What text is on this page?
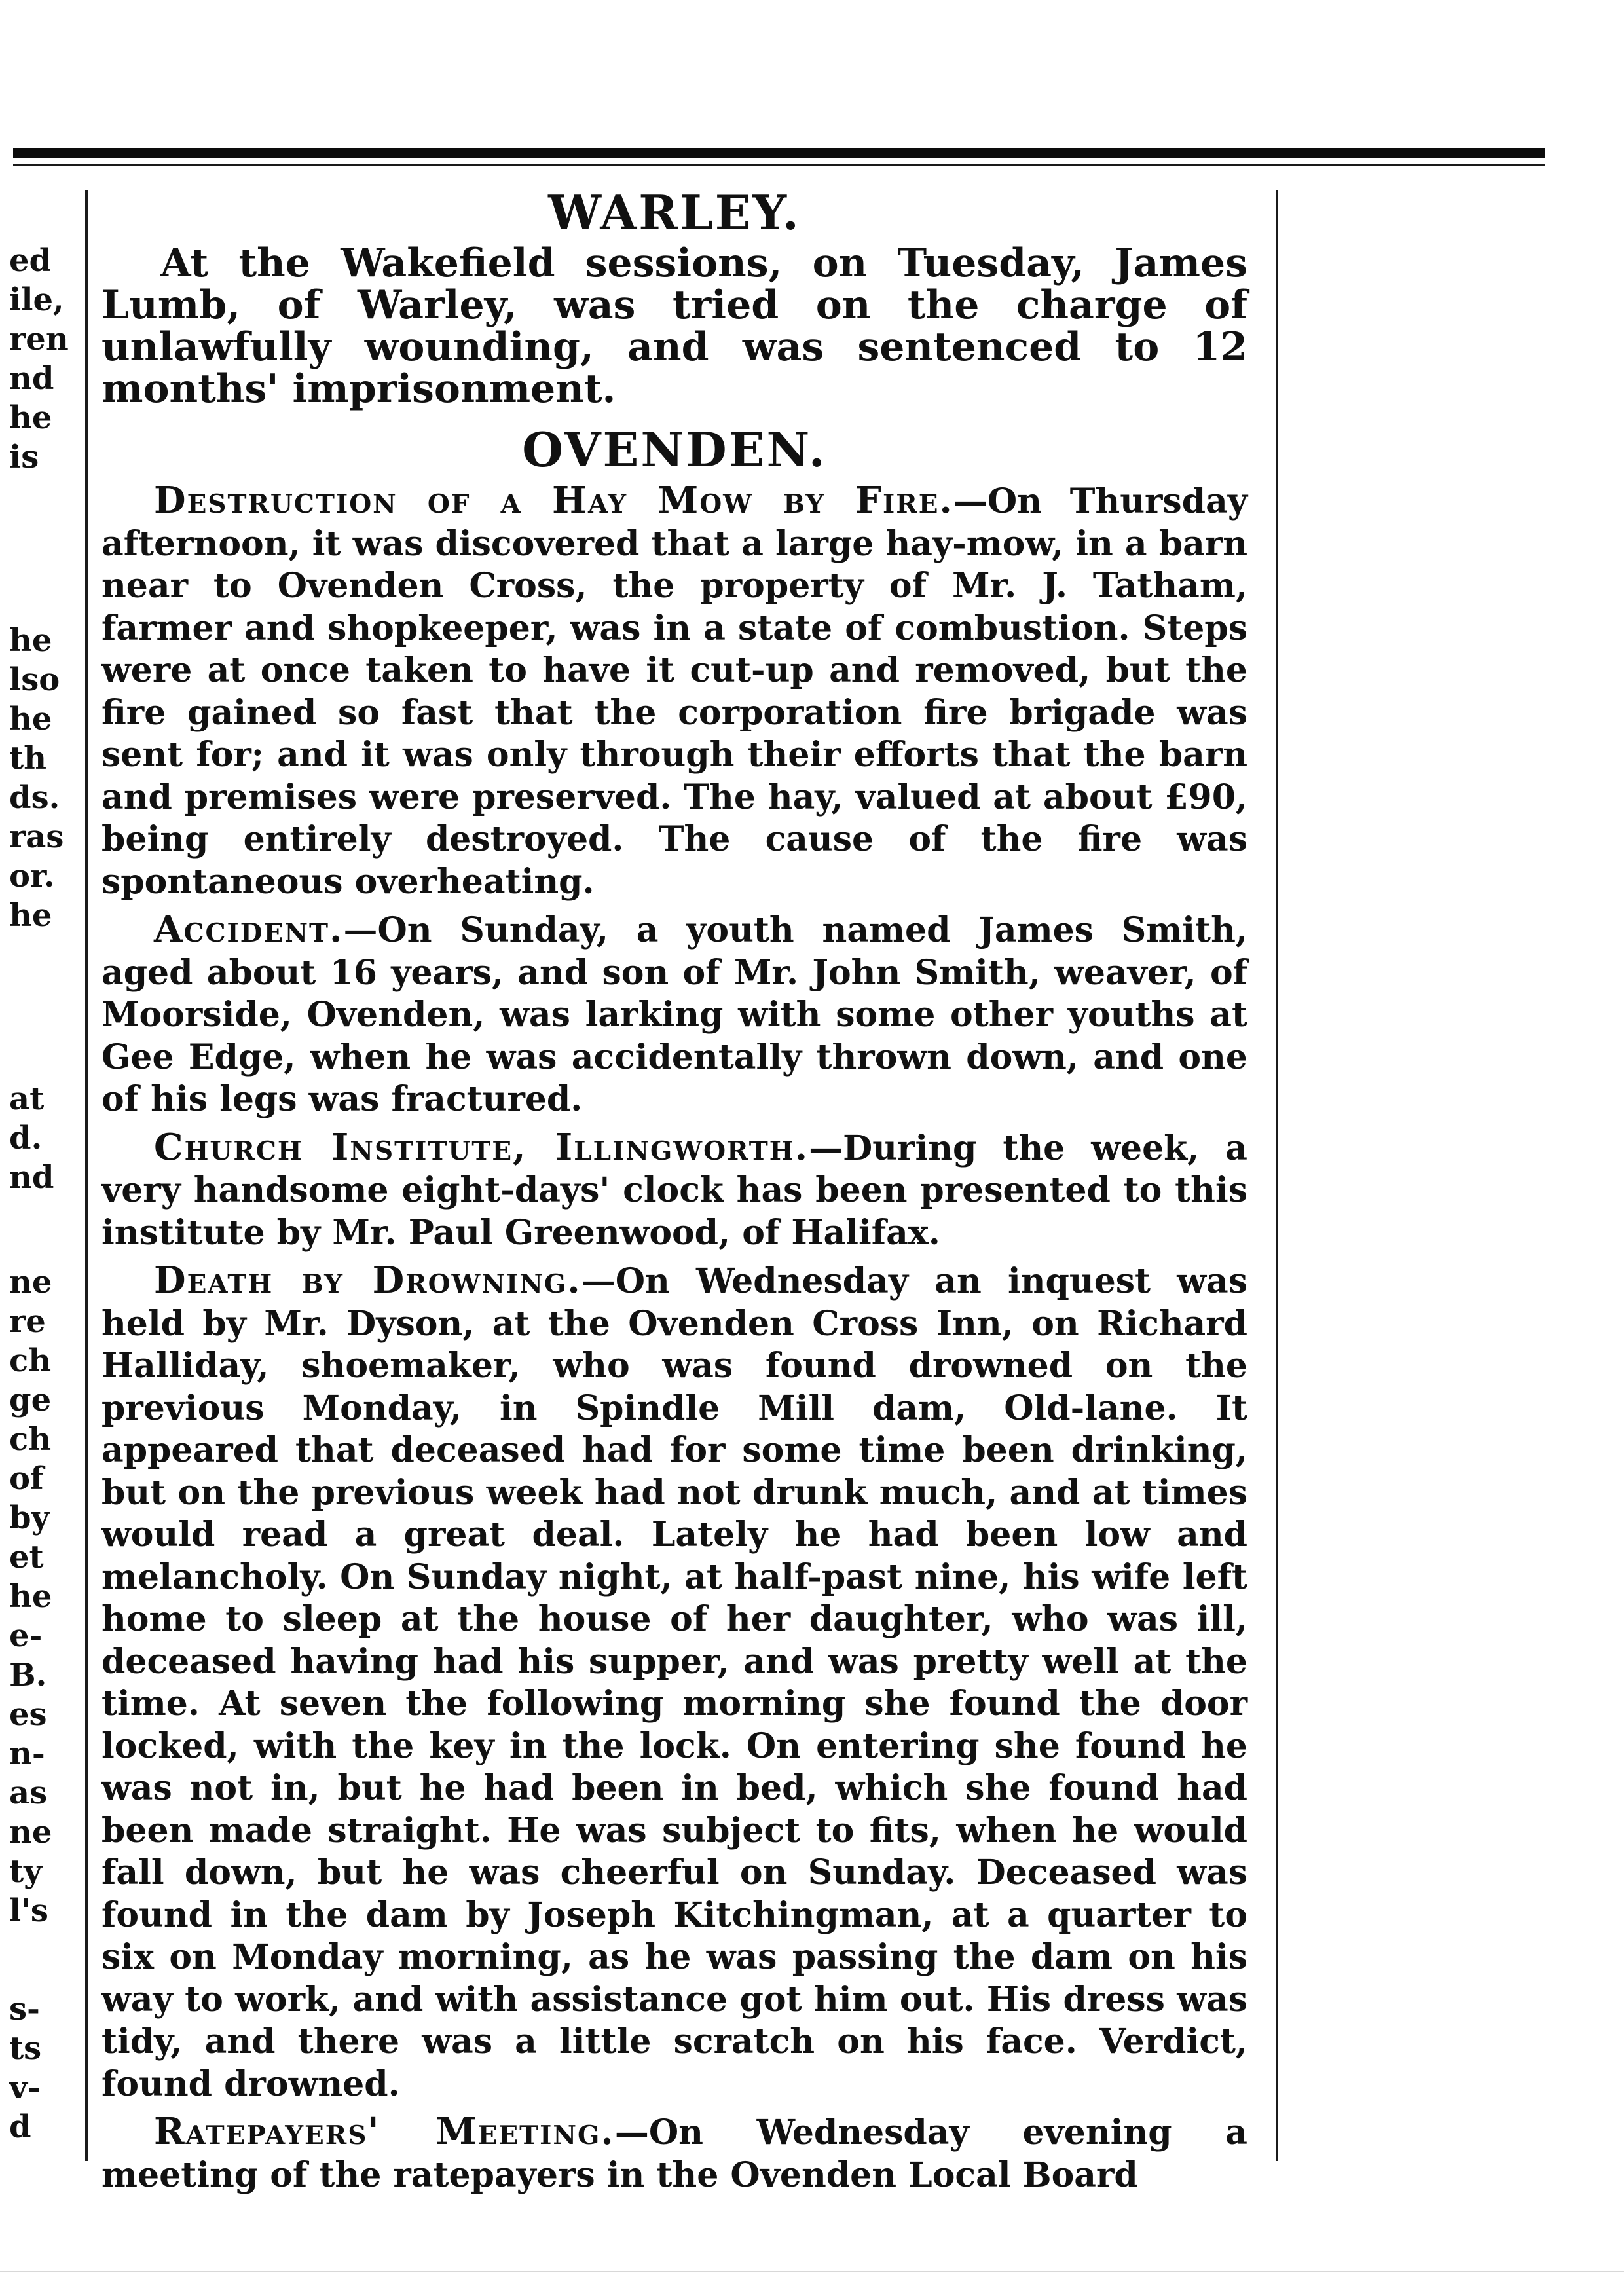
ed
ile,
ren
nd
he
is
he
lso
he
th
ds.
ras
or.
he
at
d.
nd
ne
re
ch
ge
ch
of
by
et
he
e-
B.
es
n-
as
ne
ty
l's
s-
ts
v-
d
WARLEY.

At the Wakefield sessions, on Tuesday, James Lumb, of Warley, was tried on the charge of unlawfully wounding, and was sentenced to 12 months' imprisonment.

OVENDEN.

Destruction of a Hay Mow by Fire.—On Thursday afternoon, it was discovered that a large hay-mow, in a barn near to Ovenden Cross, the property of Mr. J. Tatham, farmer and shopkeeper, was in a state of combustion. Steps were at once taken to have it cut-up and removed, but the fire gained so fast that the corporation fire brigade was sent for; and it was only through their efforts that the barn and premises were preserved. The hay, valued at about £90, being entirely destroyed. The cause of the fire was spontaneous overheating.

Accident.—On Sunday, a youth named James Smith, aged about 16 years, and son of Mr. John Smith, weaver, of Moorside, Ovenden, was larking with some other youths at Gee Edge, when he was accidentally thrown down, and one of his legs was fractured.

Church Institute, Illingworth.—During the week, a very handsome eight-days' clock has been presented to this institute by Mr. Paul Greenwood, of Halifax.

Death by Drowning.—On Wednesday an inquest was held by Mr. Dyson, at the Ovenden Cross Inn, on Richard Halliday, shoemaker, who was found drowned on the previous Monday, in Spindle Mill dam, Old-lane. It appeared that deceased had for some time been drinking, but on the previous week had not drunk much, and at times would read a great deal. Lately he had been low and melancholy. On Sunday night, at half-past nine, his wife left home to sleep at the house of her daughter, who was ill, deceased having had his supper, and was pretty well at the time. At seven the following morning she found the door locked, with the key in the lock. On entering she found he was not in, but he had been in bed, which she found had been made straight. He was subject to fits, when he would fall down, but he was cheerful on Sunday. Deceased was found in the dam by Joseph Kitchingman, at a quarter to six on Monday morning, as he was passing the dam on his way to work, and with assistance got him out. His dress was tidy, and there was a little scratch on his face. Verdict, found drowned.

Ratepayers' Meeting.—On Wednesday evening a meeting of the ratepayers in the Ovenden Local Board
